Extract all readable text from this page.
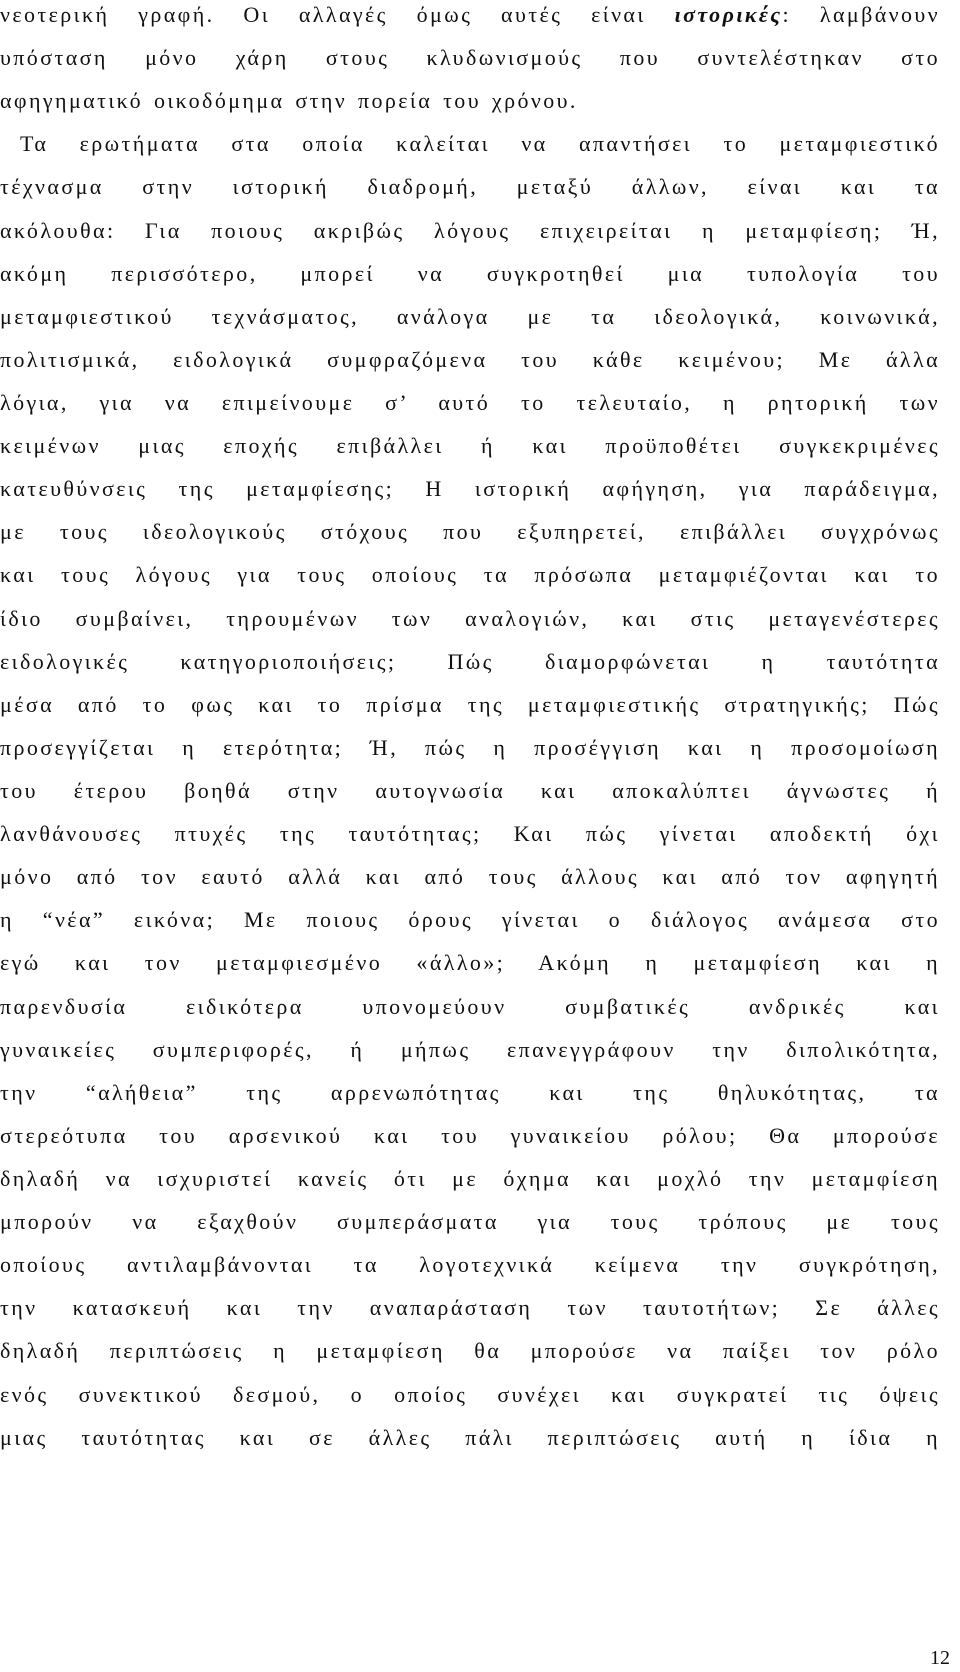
νεοτερική γραφή. Οι αλλαγές όμως αυτές είναι ιστορικές: λαμβάνουν
υπόσταση μόνο χάρη στους κλυδωνισμούς που συντελέστηκαν στο
αφηγηματικό οικοδόμημα στην πορεία του χρόνου.
Τα ερωτήματα στα οποία καλείται να απαντήσει το μεταμφιεστικό
τέχνασμα στην ιστορική διαδρομή, μεταξύ άλλων, είναι και τα
ακόλουθα: Για ποιους ακριβώς λόγους επιχειρείται η μεταμφίεση; Ή,
ακόμη περισσότερο, μπορεί να συγκροτηθεί μια τυπολογία του
μεταμφιεστικού τεχνάσματος, ανάλογα με τα ιδεολογικά, κοινωνικά,
πολιτισμικά, ειδολογικά συμφραζόμενα του κάθε κειμένου; Με άλλα
λόγια, για να επιμείνουμε σ’ αυτό το τελευταίο, η ρητορική των
κειμένων μιας εποχής επιβάλλει ή και προϋποθέτει συγκεκριμένες
κατευθύνσεις της μεταμφίεσης; Η ιστορική αφήγηση, για παράδειγμα,
με τους ιδεολογικούς στόχους που εξυπηρετεί, επιβάλλει συγχρόνως
και τους λόγους για τους οποίους τα πρόσωπα μεταμφιέζονται και το
ίδιο συμβαίνει, τηρουμένων των αναλογιών, και στις μεταγενέστερες
ειδολογικές κατηγοριοποιήσεις; Πώς διαμορφώνεται η ταυτότητα
μέσα από το φως και το πρίσμα της μεταμφιεστικής στρατηγικής; Πώς
προσεγγίζεται η ετερότητα; Ή, πώς η προσέγγιση και η προσομοίωση
του έτερου βοηθά στην αυτογνωσία και αποκαλύπτει άγνωστες ή
λανθάνουσες πτυχές της ταυτότητας; Και πώς γίνεται αποδεκτή όχι
μόνο από τον εαυτό αλλά και από τους άλλους και από τον αφηγητή
η “νέα” εικόνα; Με ποιους όρους γίνεται ο διάλογος ανάμεσα στο
εγώ και τον μεταμφιεσμένο «άλλο»; Ακόμη η μεταμφίεση και η
παρενδυσία ειδικότερα υπονομεύουν συμβατικές ανδρικές και
γυναικείες συμπεριφορές, ή μήπως επανεγγράφουν την διπολικότητα,
την “αλήθεια” της αρρενωπότητας και της θηλυκότητας, τα
στερεότυπα του αρσενικού και του γυναικείου ρόλου; Θα μπορούσε
δηλαδή να ισχυριστεί κανείς ότι με όχημα και μοχλό την μεταμφίεση
μπορούν να εξαχθούν συμπεράσματα για τους τρόπους με τους
οποίους αντιλαμβάνονται τα λογοτεχνικά κείμενα την συγκρότηση,
την κατασκευή και την αναπαράσταση των ταυτοτήτων; Σε άλλες
δηλαδή περιπτώσεις η μεταμφίεση θα μπορούσε να παίξει τον ρόλο
ενός συνεκτικού δεσμού, ο οποίος συνέχει και συγκρατεί τις όψεις
μιας ταυτότητας και σε άλλες πάλι περιπτώσεις αυτή η ίδια η
12
